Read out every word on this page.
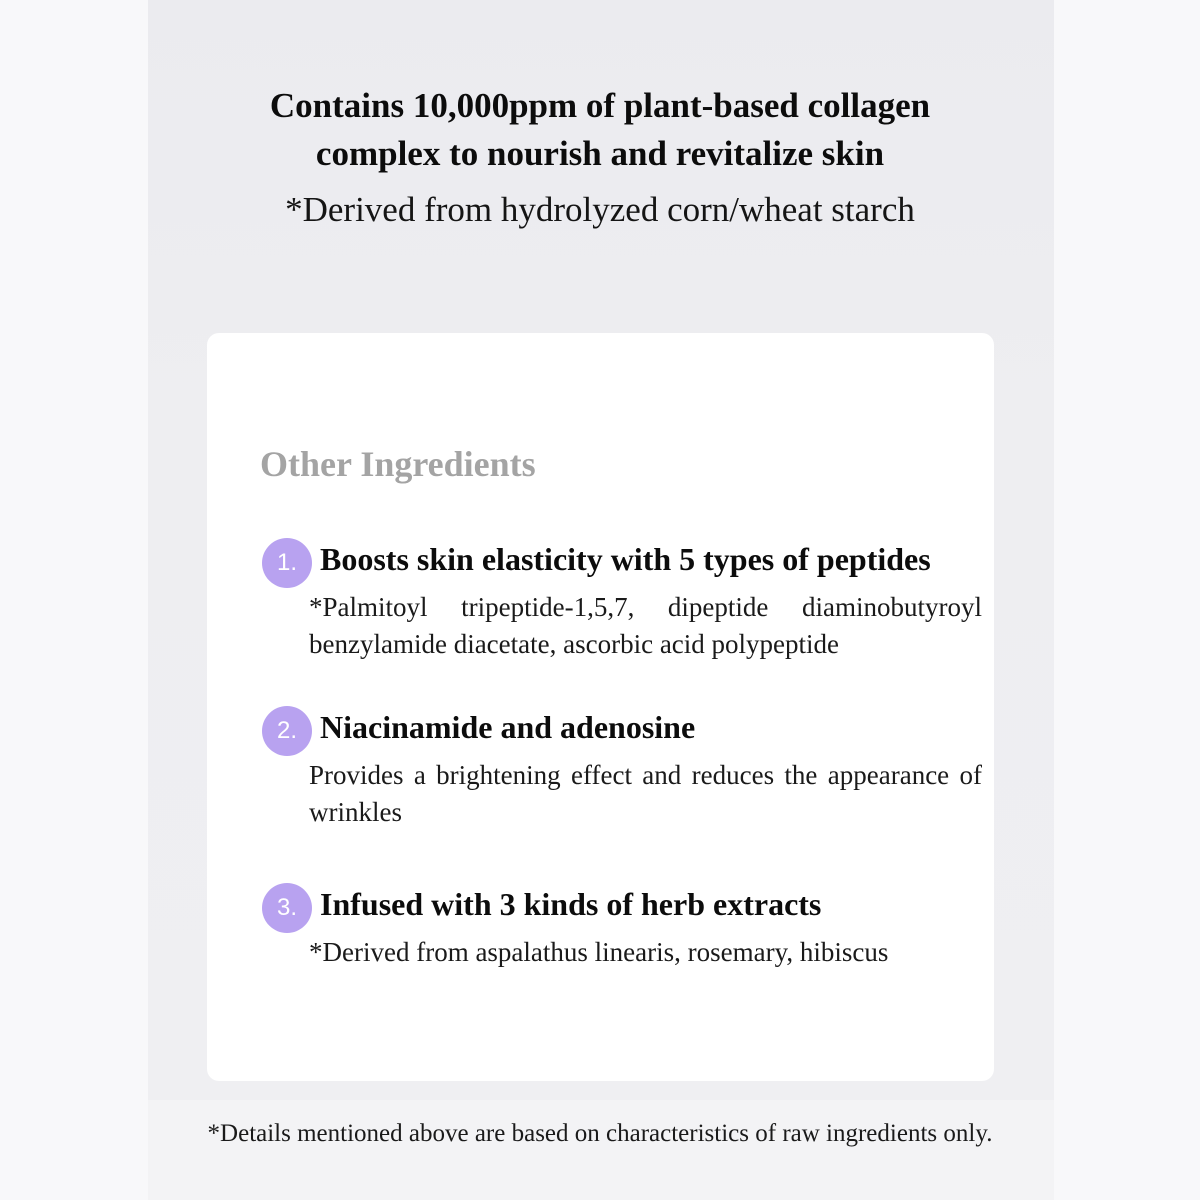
Contains 10,000ppm of plant-based collagen complex to nourish and revitalize skin

*Derived from hydrolyzed corn/wheat starch

Other Ingredients
1. Boosts skin elasticity with 5 types of peptides

*Palmitoyl tripeptide-1,5,7, dipeptide diaminobutyroyl benzylamide diacetate, ascorbic acid polypeptide

2. Niacinamide and adenosine

Provides a brightening effect and reduces the appearance of wrinkles

3. Infused with 3 kinds of herb extracts

*Derived from aspalathus linearis, rosemary, hibiscus

*Details mentioned above are based on characteristics of raw ingredients only.
